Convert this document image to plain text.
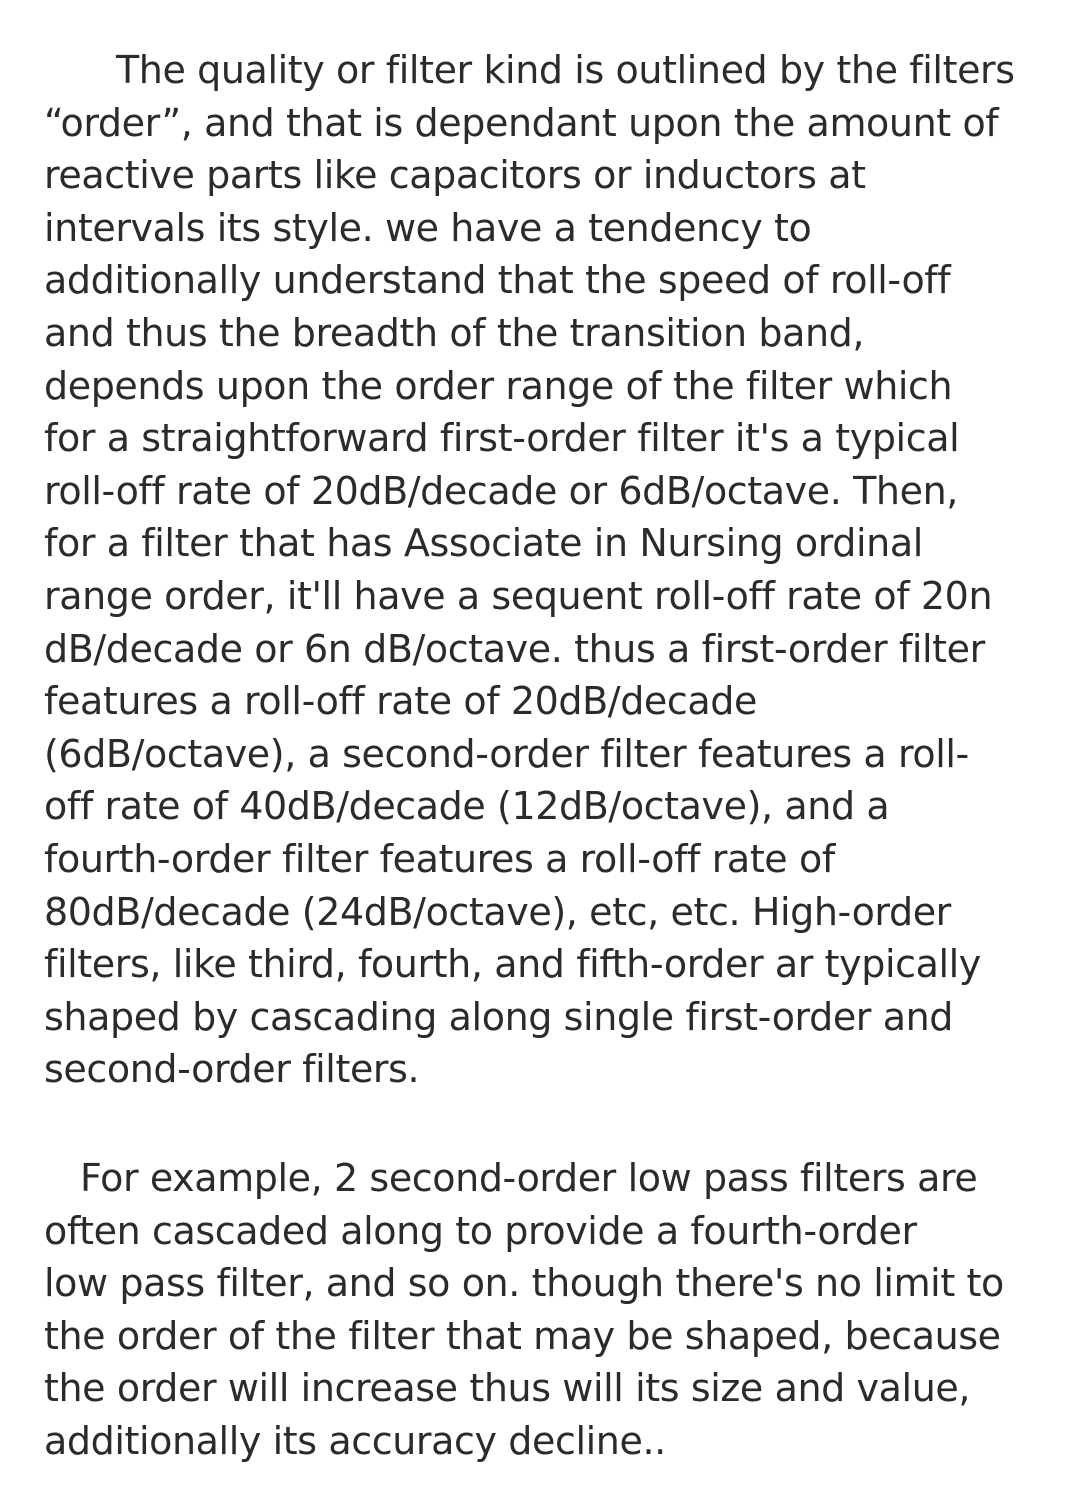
The quality or filter kind is outlined by the filters
“order”, and that is dependant upon the amount of
reactive parts like capacitors or inductors at
intervals its style. we have a tendency to
additionally understand that the speed of roll-off
and thus the breadth of the transition band,
depends upon the order range of the filter which
for a straightforward first-order filter it's a typical
roll-off rate of 20dB/decade or 6dB/octave. Then,
for a filter that has Associate in Nursing ordinal
range order, it'll have a sequent roll-off rate of 20n
dB/decade or 6n dB/octave. thus a first-order filter
features a roll-off rate of 20dB/decade
(6dB/octave), a second-order filter features a roll-
off rate of 40dB/decade (12dB/octave), and a
fourth-order filter features a roll-off rate of
80dB/decade (24dB/octave), etc, etc. High-order
filters, like third, fourth, and fifth-order ar typically
shaped by cascading along single first-order and
second-order filters.
For example, 2 second-order low pass filters are
often cascaded along to provide a fourth-order
low pass filter, and so on. though there's no limit to
the order of the filter that may be shaped, because
the order will increase thus will its size and value,
additionally its accuracy decline..
